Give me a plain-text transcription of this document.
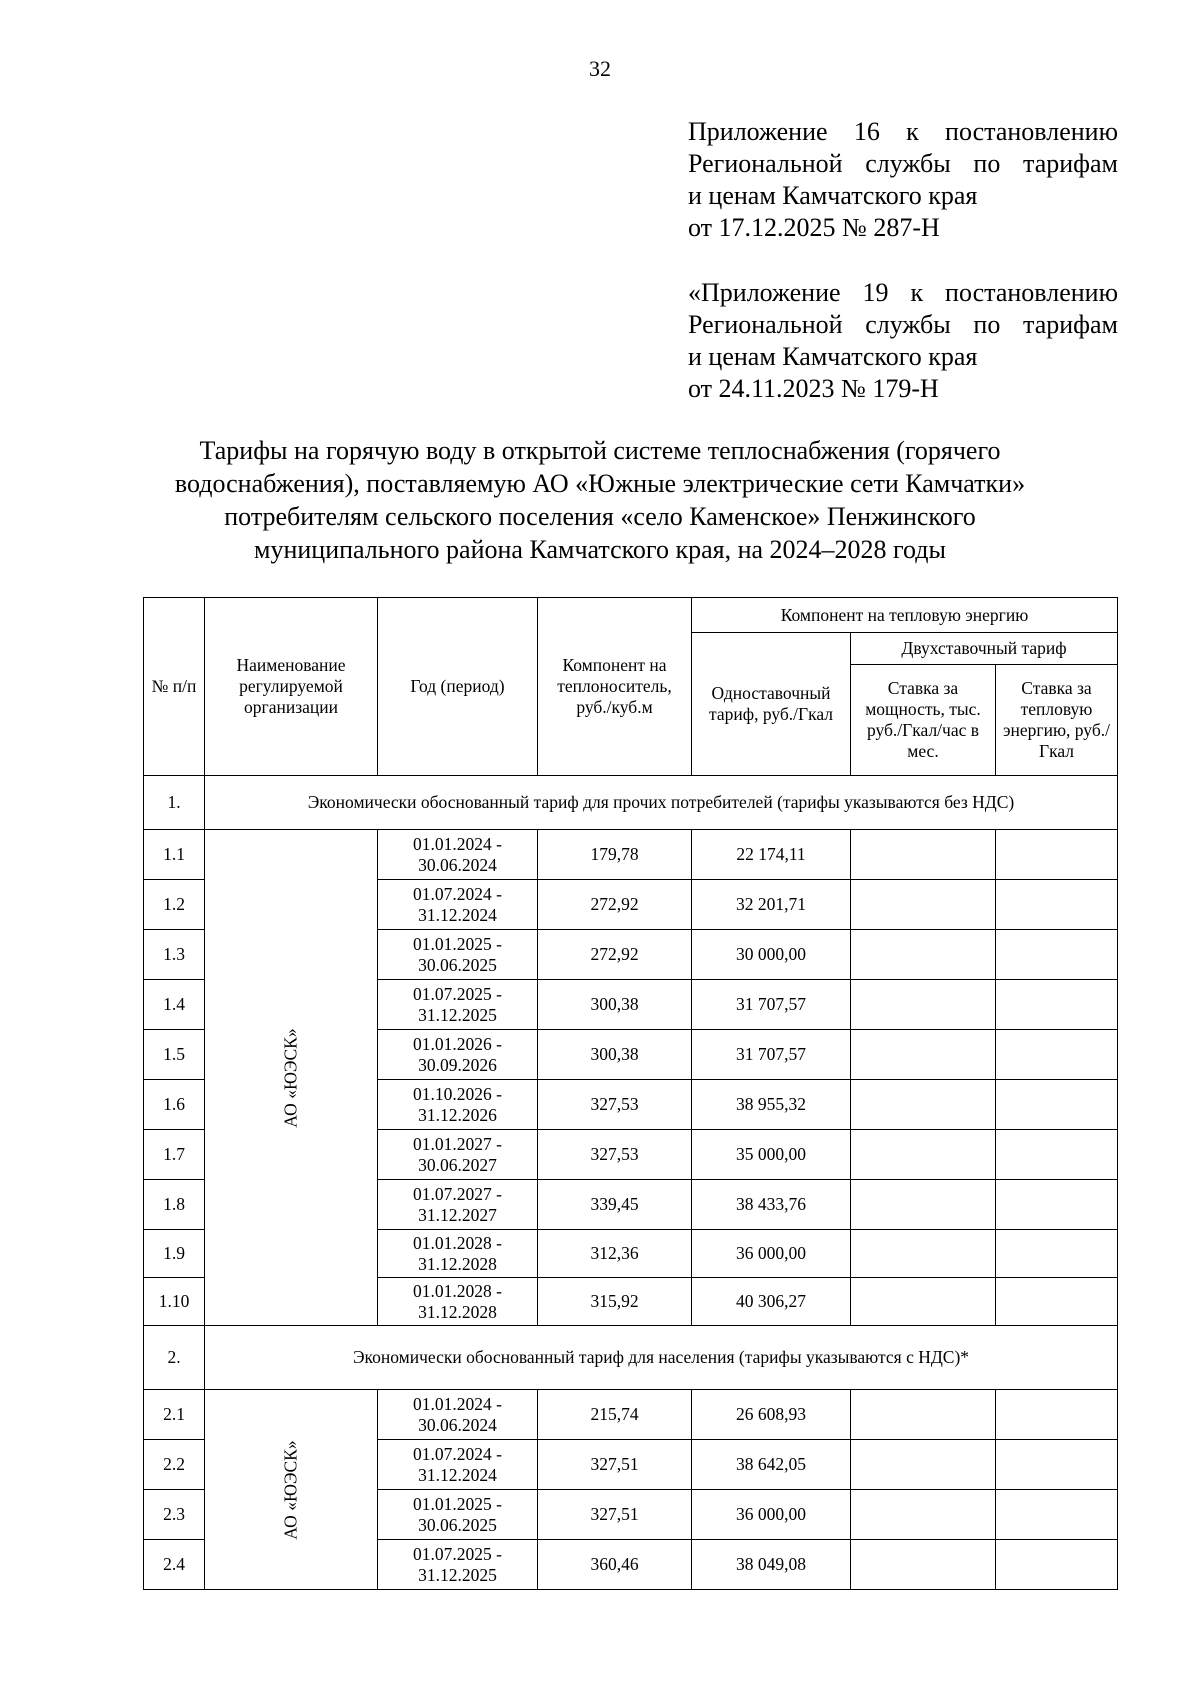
32
Приложение 16 к постановлению
Региональной службы по тарифам
и ценам Камчатского края
от 17.12.2025 № 287-Н
«Приложение 19 к постановлению
Региональной службы по тарифам
и ценам Камчатского края
от 24.11.2023 № 179-Н
Тарифы на горячую воду в открытой системе теплоснабжения (горячего
водоснабжения), поставляемую АО «Южные электрические сети Камчатки»
потребителям сельского поселения «село Каменское» Пенжинского
муниципального района Камчатского края, на 2024–2028 годы
№ п/п	Наименование регулируемой организации	Год (период)	Компонент на теплоноситель, руб./куб.м	Компонент на тепловую энергию		
				Одноставочный тариф, руб./Гкал	Двухставочный тариф	
					Ставка за мощность, тыс. руб./Гкал/час в мес.	Ставка за тепловую энергию, руб./Гкал
1.	Экономически обоснованный тариф для прочих потребителей (тарифы указываются без НДС)					
1.1	АО «ЮЭСК»	01.01.2024 -
30.06.2024	179,78	22 174,11		
1.2		01.07.2024 -
31.12.2024	272,92	32 201,71		
1.3		01.01.2025 -
30.06.2025	272,92	30 000,00		
1.4		01.07.2025 -
31.12.2025	300,38	31 707,57		
1.5		01.01.2026 -
30.09.2026	300,38	31 707,57		
1.6		01.10.2026 -
31.12.2026	327,53	38 955,32		
1.7		01.01.2027 -
30.06.2027	327,53	35 000,00		
1.8		01.07.2027 -
31.12.2027	339,45	38 433,76		
1.9		01.01.2028 -
31.12.2028	312,36	36 000,00		
1.10		01.01.2028 -
31.12.2028	315,92	40 306,27		
2.	Экономически обоснованный тариф для населения (тарифы указываются с НДС)*					
2.1	АО «ЮЭСК»	01.01.2024 -
30.06.2024	215,74	26 608,93		
2.2		01.07.2024 -
31.12.2024	327,51	38 642,05		
2.3		01.01.2025 -
30.06.2025	327,51	36 000,00		
2.4		01.07.2025 -
31.12.2025	360,46	38 049,08		
